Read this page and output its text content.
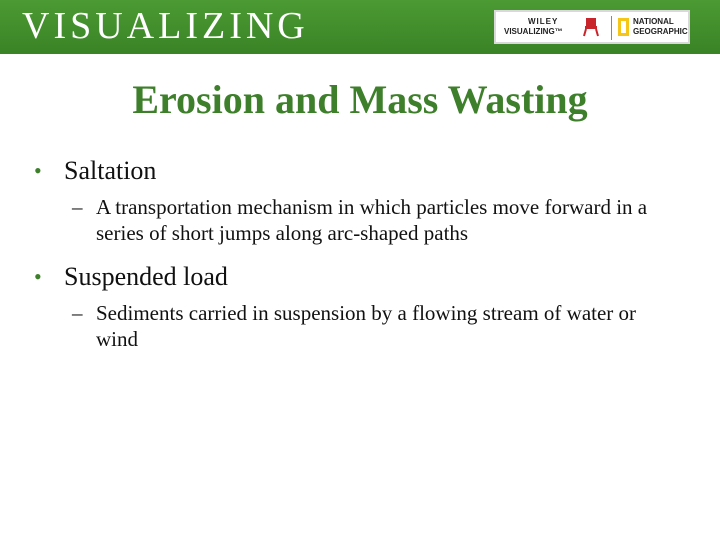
VISUALIZING	WILEY
VISUALIZING™
NATIONAL
GEOGRAPHIC
Erosion and Mass Wasting
• Saltation
– A transportation mechanism in which particles move forward in a series of short jumps along arc-shaped paths
• Suspended load
– Sediments carried in suspension by a flowing stream of water or wind
